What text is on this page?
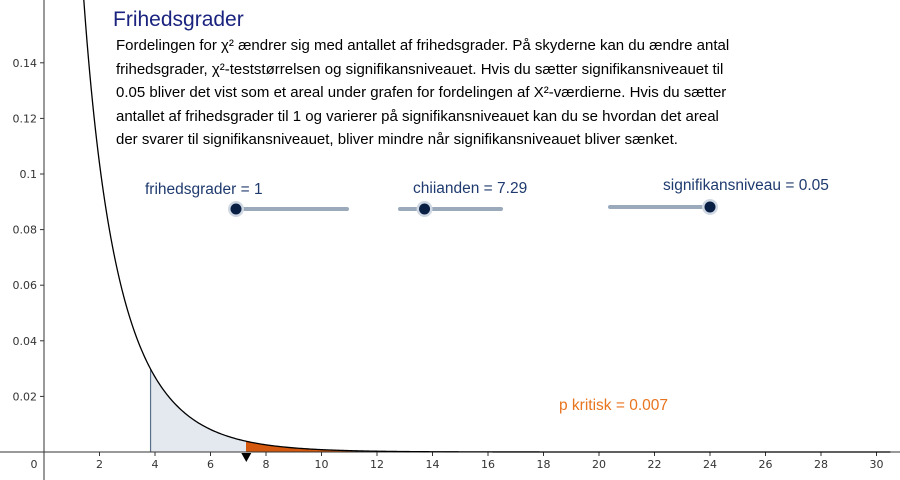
0	2	4	6	8	10	12	14	16	18	20	22	24	26	28	30
0.02
0.04
0.06
0.08
0.1
0.12
0.14
Frihedsgrader
Fordelingen for χ² ændrer sig med antallet af frihedsgrader. På skyderne kan du ændre antal
frihedsgrader, χ²-teststørrelsen og signifikansniveauet. Hvis du sætter signifikansniveauet til
0.05 bliver det vist som et areal under grafen for fordelingen af X²-værdierne. Hvis du sætter
antallet af frihedsgrader til 1 og varierer på signifikansniveauet kan du se hvordan det areal
der svarer til signifikansniveauet, bliver mindre når signifikansniveauet bliver sænket.
frihedsgrader = 1	chiianden = 7.29	signifikansniveau = 0.05
p kritisk = 0.007
